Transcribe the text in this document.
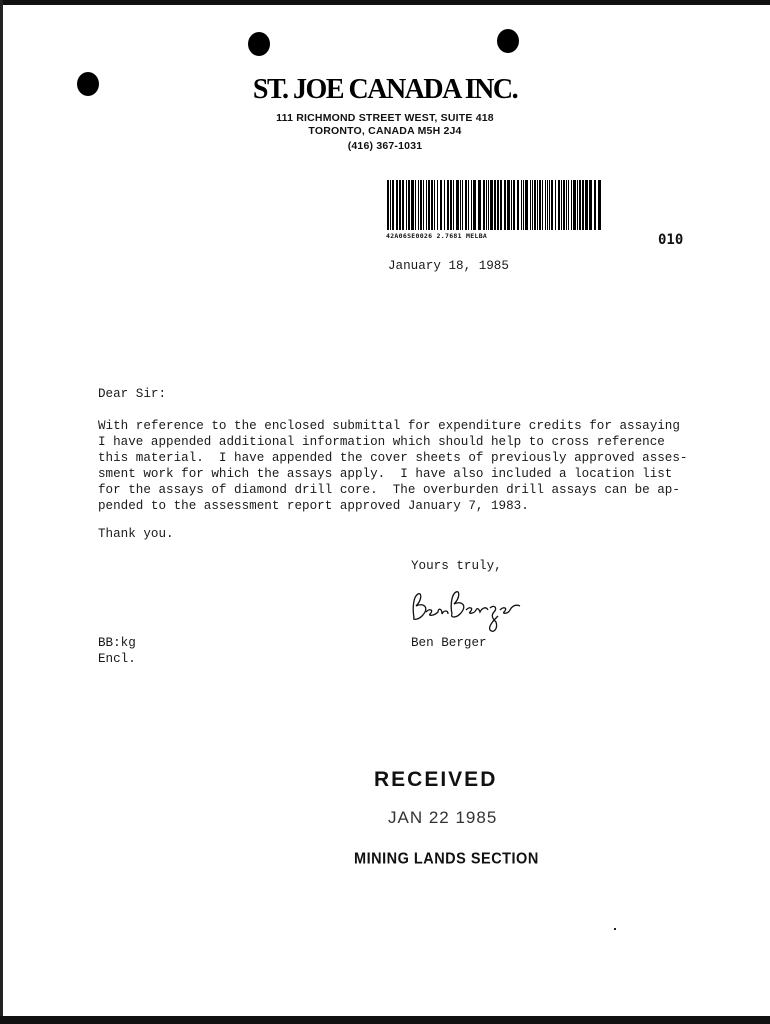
ST. JOE CANADA INC.
111 RICHMOND STREET WEST, SUITE 418
TORONTO, CANADA M5H 2J4
(416) 367-1031
42A06SE0026 2.7681 MELBA	010
January 18, 1985
Dear Sir:
With reference to the enclosed submittal for expenditure credits for assaying
I have appended additional information which should help to cross reference
this material.  I have appended the cover sheets of previously approved asses-
sment work for which the assays apply.  I have also included a location list
for the assays of diamond drill core.  The overburden drill assays can be ap-
pended to the assessment report approved January 7, 1983.
Thank you.
Yours truly,
BB:kg
Encl.
Ben Berger
RECEIVED
JAN 22 1985
MINING LANDS SECTION
